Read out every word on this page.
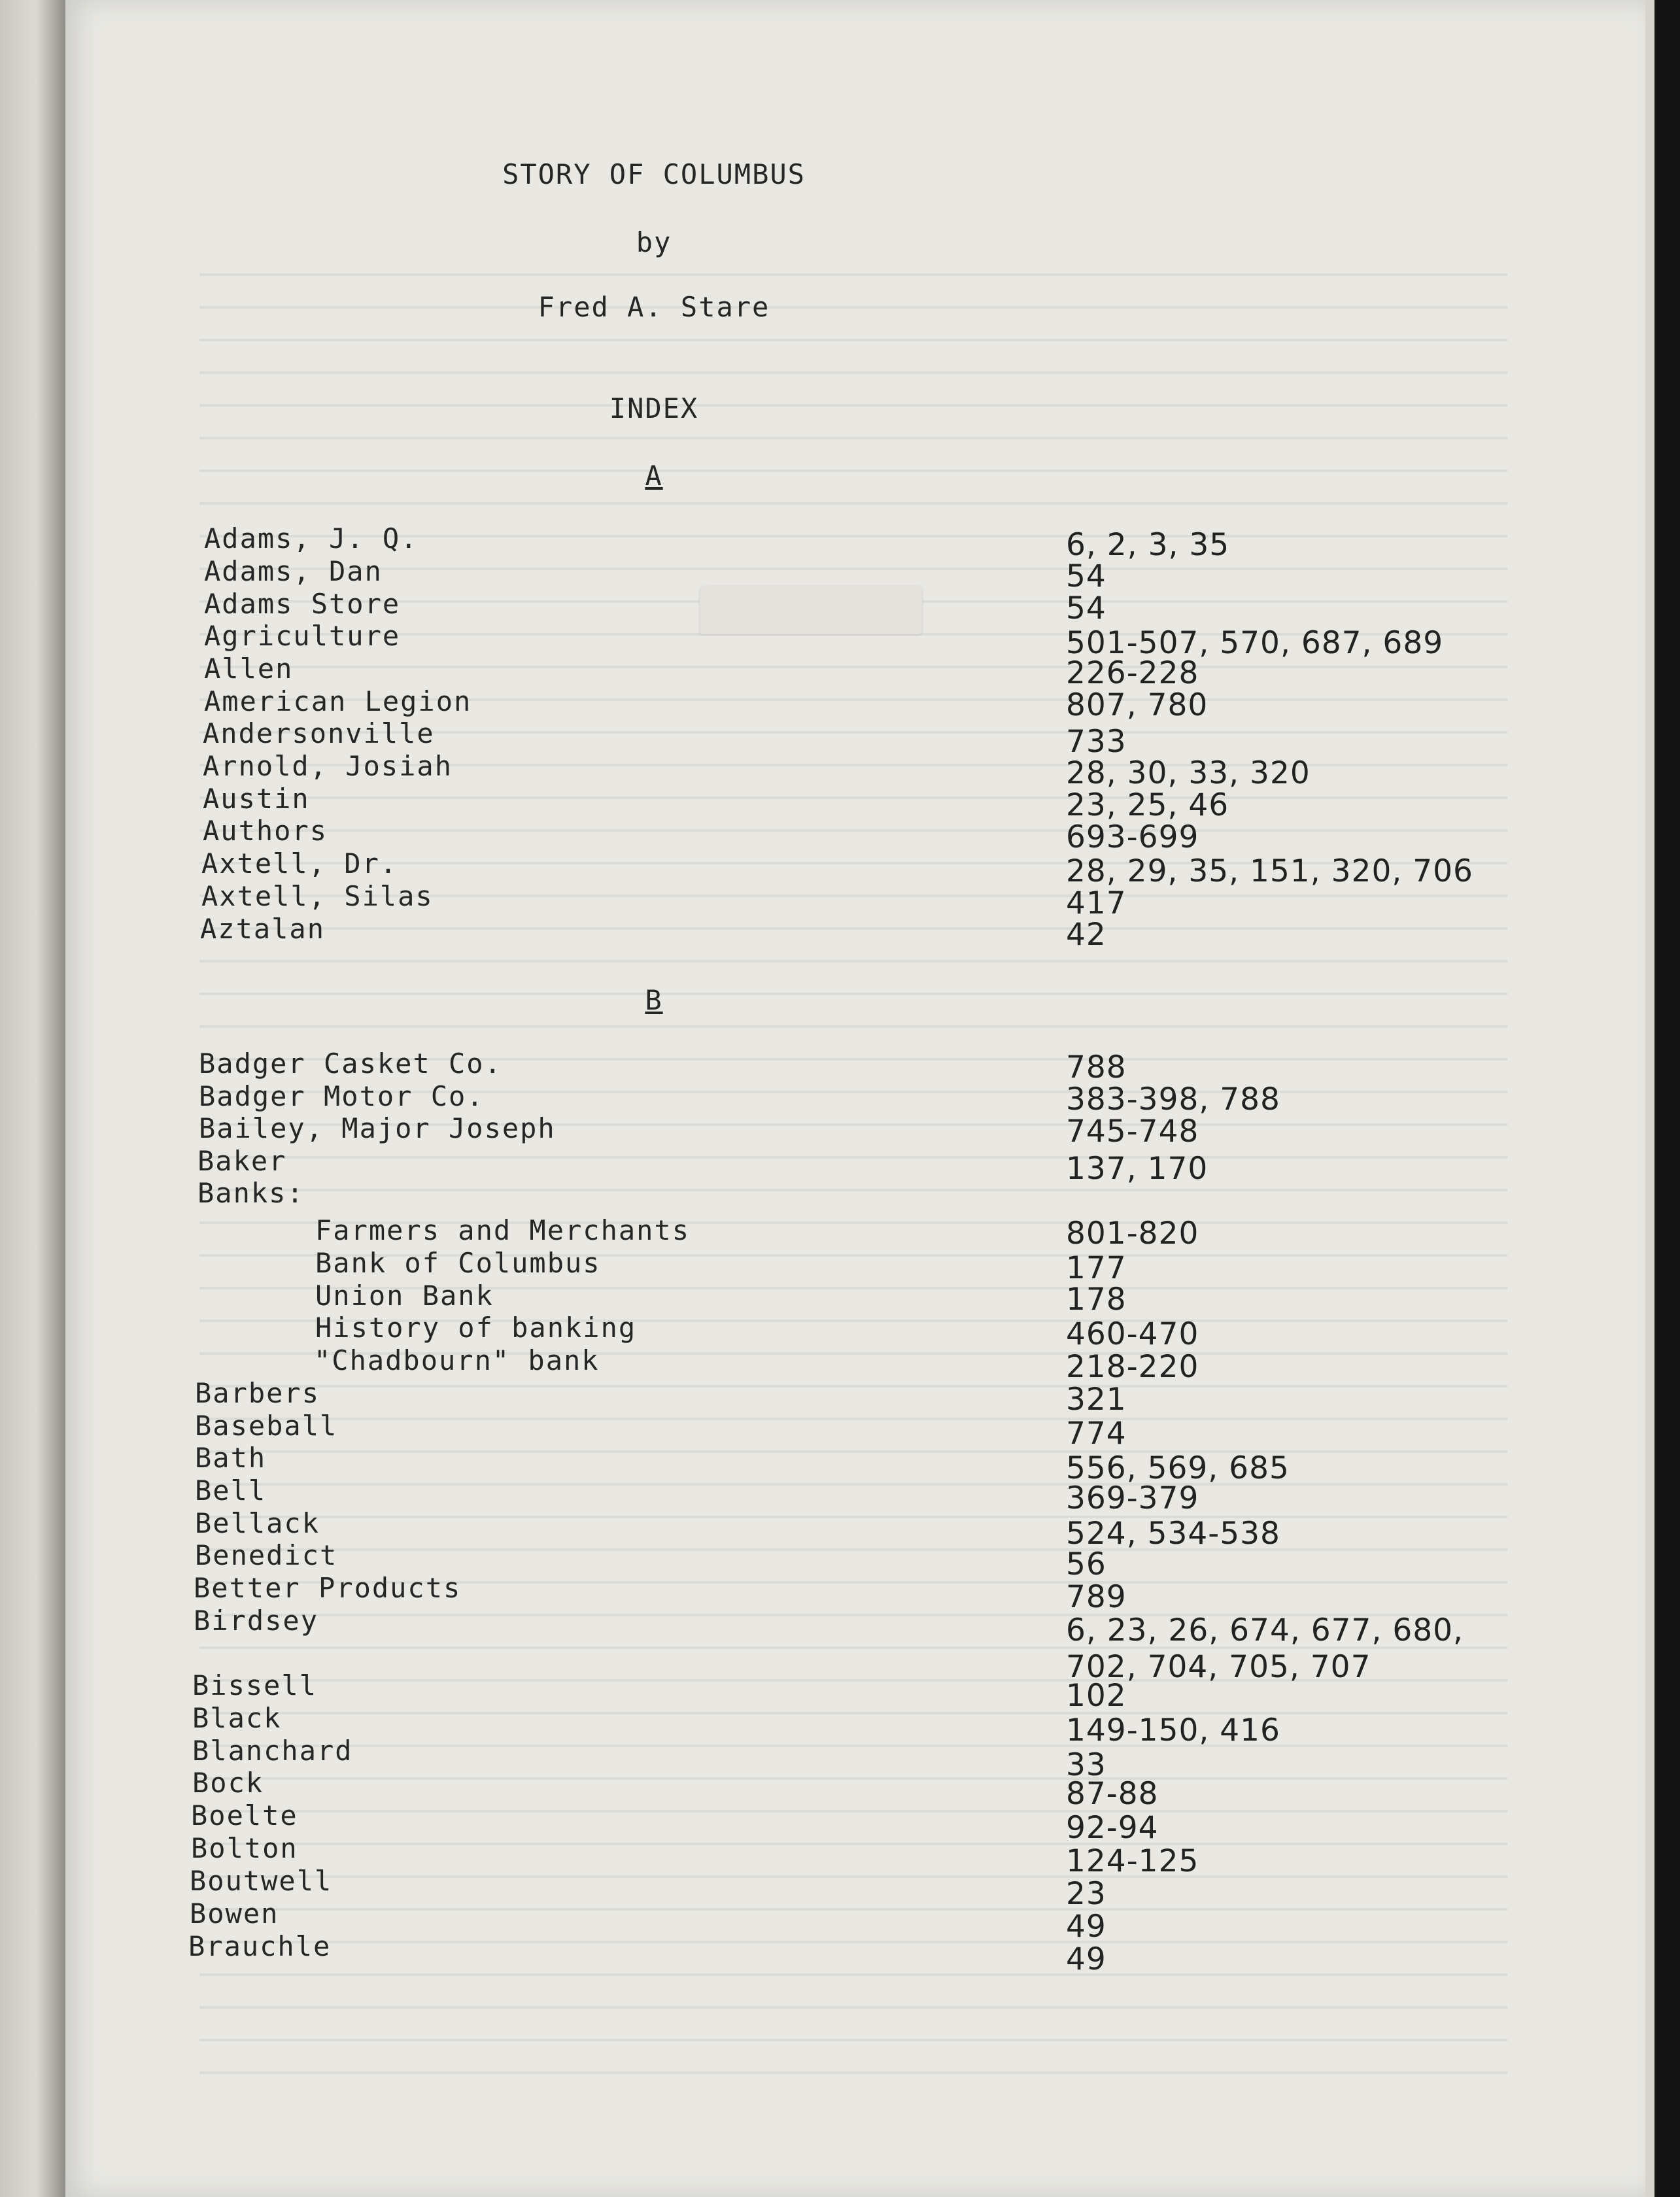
STORY OF COLUMBUS
by
Fred A. Stare
INDEX
A
B
Adams, J. Q.	6, 2, 3, 35
Adams, Dan	54
Adams Store	54
Agriculture	501-507, 570, 687, 689
Allen	226-228
American Legion	807, 780
Andersonville	733
Arnold, Josiah	28, 30, 33, 320
Austin	23, 25, 46
Authors	693-699
Axtell, Dr.	28, 29, 35, 151, 320, 706
Axtell, Silas	417
Aztalan	42
Badger Casket Co.	788
Badger Motor Co.	383-398, 788
Bailey, Major Joseph	745-748
Baker	137, 170
Banks:
Farmers and Merchants	801-820
Bank of Columbus	177
Union Bank	178
History of banking	460-470
"Chadbourn" bank	218-220
Barbers	321
Baseball	774
Bath	556, 569, 685
Bell	369-379
Bellack	524, 534-538
Benedict	56
Better Products	789
Birdsey	6, 23, 26, 674, 677, 680,
702, 704, 705, 707
Bissell	102
Black	149-150, 416
Blanchard	33
Bock	87-88
Boelte	92-94
Bolton	124-125
Boutwell	23
Bowen	49
Brauchle	49
